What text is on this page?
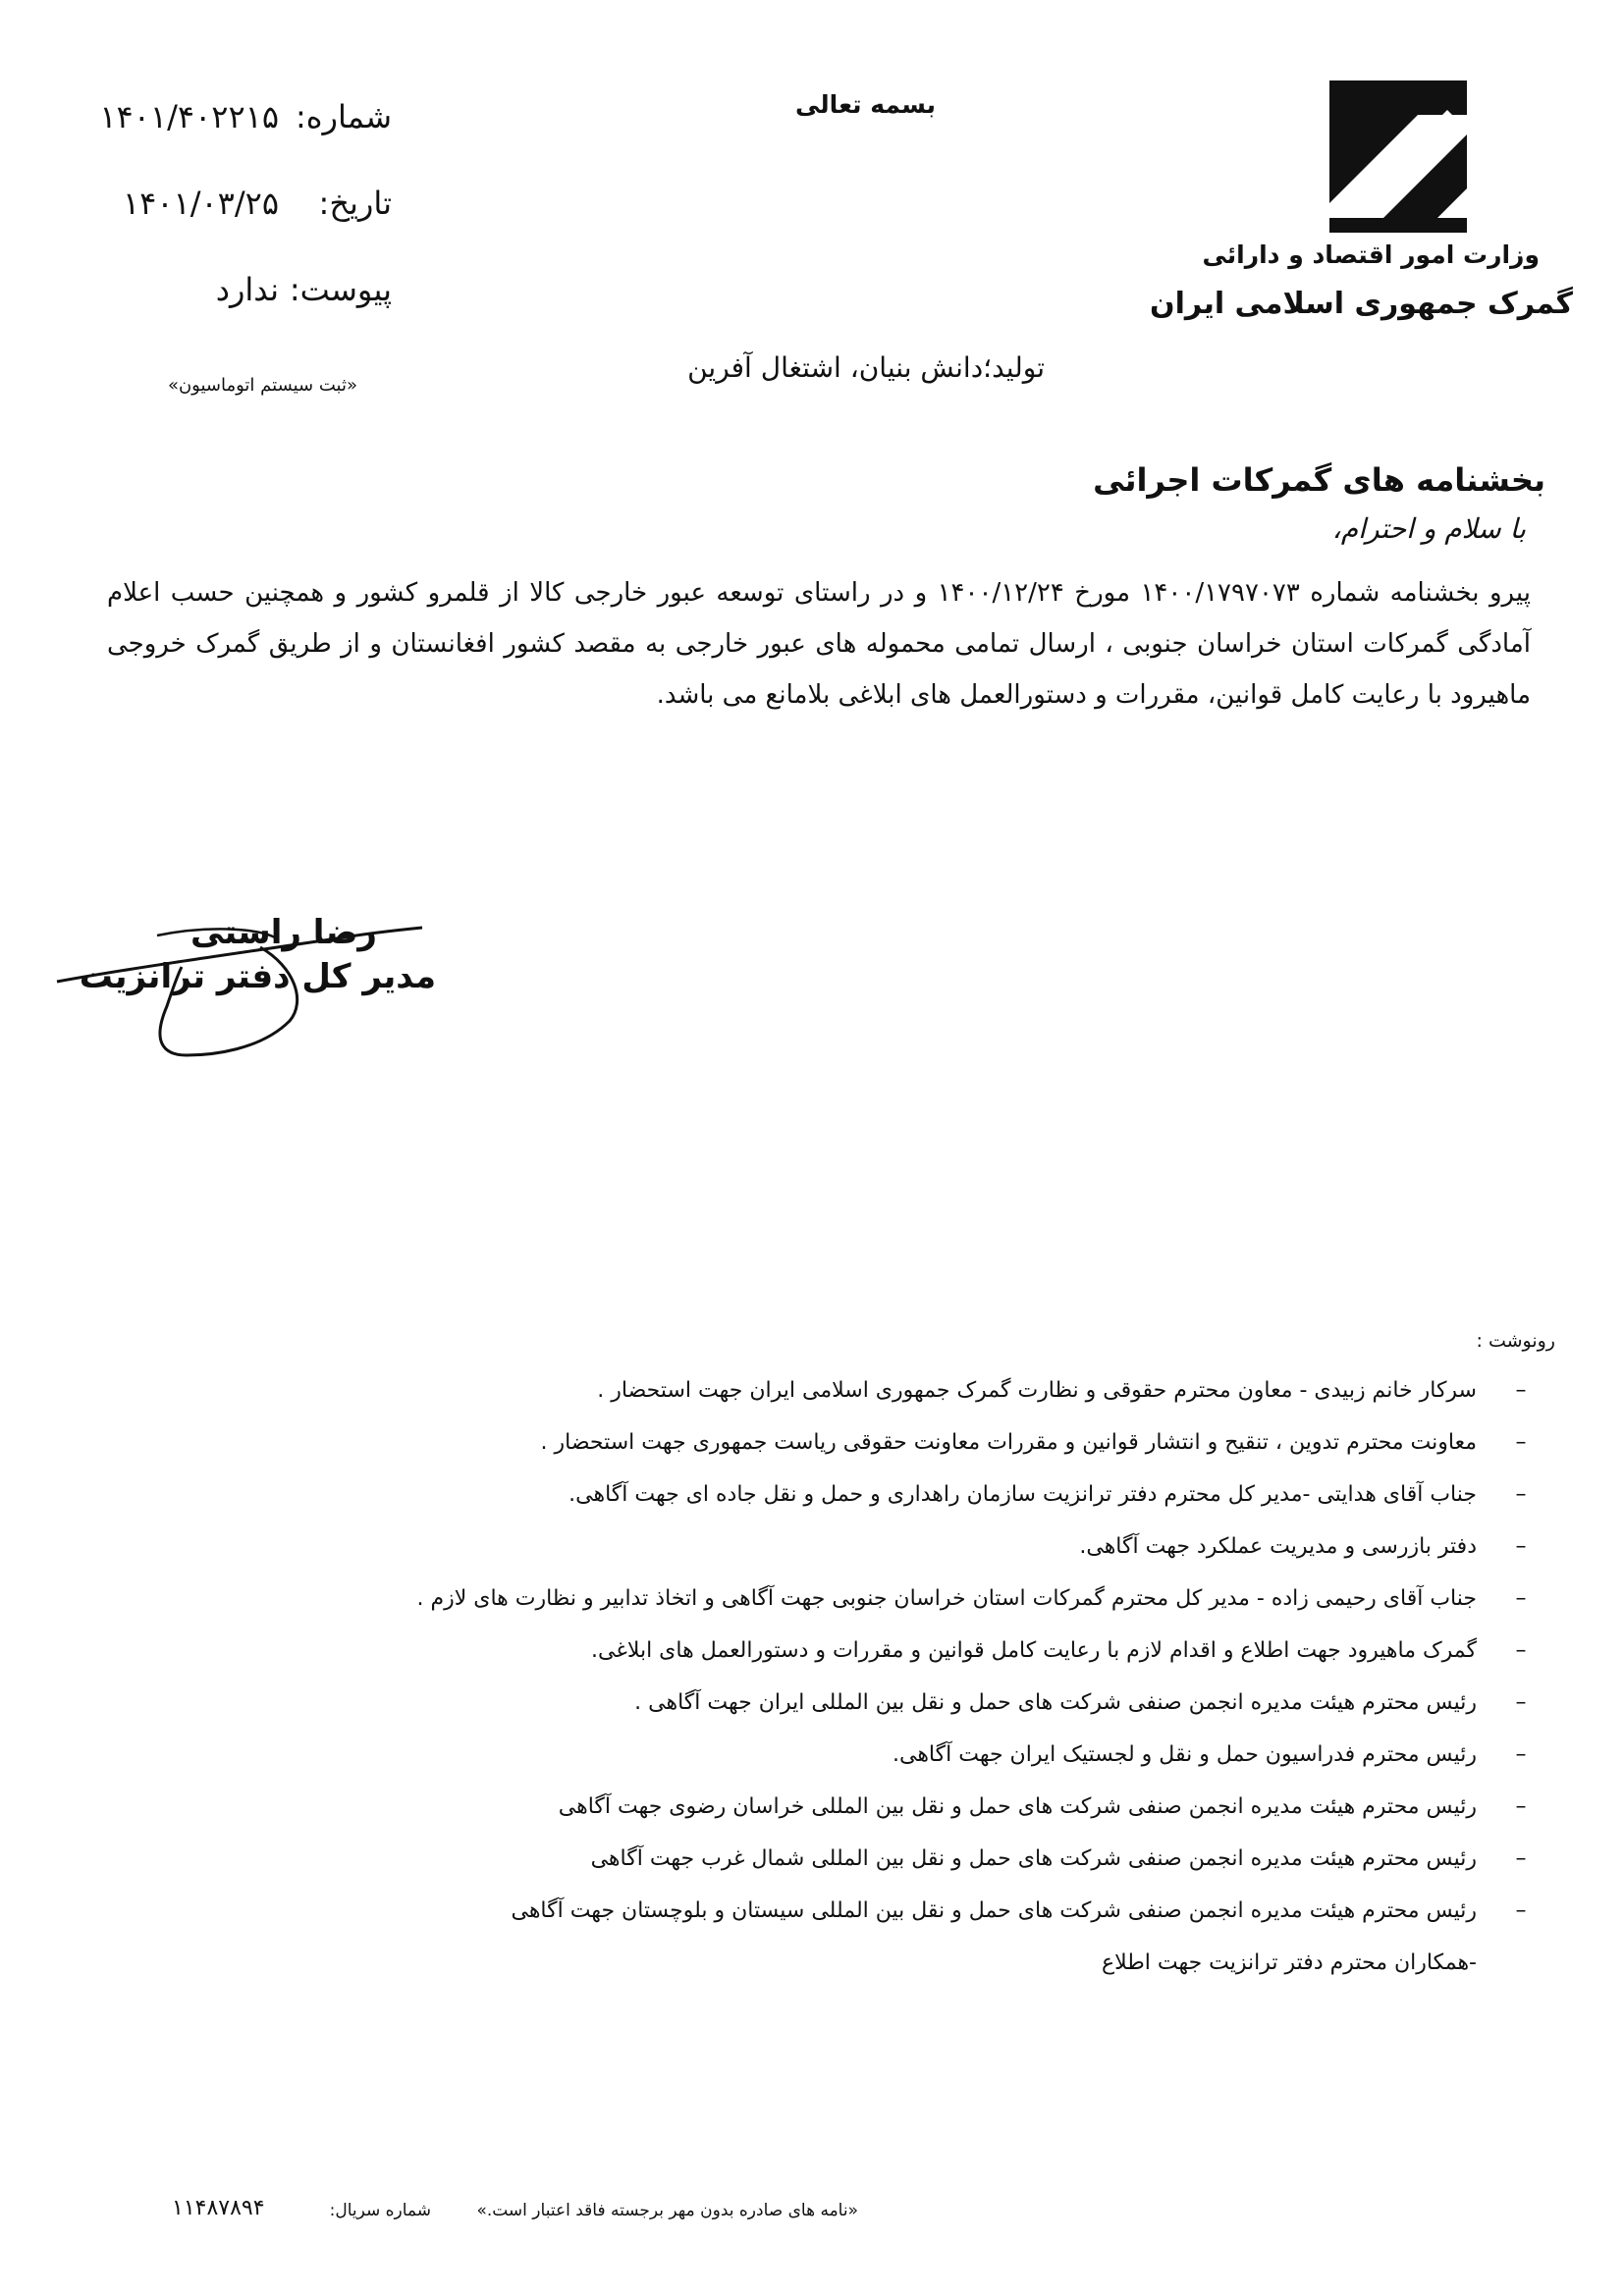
وزارت امور اقتصاد و دارائی
گمرک جمهوری اسلامی ایران
بسمه تعالی
شماره:
۱۴۰۱/۴۰۲۲۱۵
تاریخ:
۱۴۰۱/۰۳/۲۵
پیوست:
ندارد
«ثبت سیستم اتوماسیون»
تولید؛دانش بنیان، اشتغال آفرین
بخشنامه های گمرکات اجرائی
با سلام و احترام،
پیرو بخشنامه شماره ۱۴۰۰/۱۷۹۷۰۷۳ مورخ ۱۴۰۰/۱۲/۲۴ و در راستای توسعه عبور خارجی کالا از قلمرو کشور و همچنین حسب اعلام آمادگی گمرکات استان خراسان جنوبی ، ارسال تمامی محموله های عبور خارجی به مقصد کشور افغانستان و از طریق گمرک خروجی ماهیرود با رعایت کامل قوانین، مقررات و دستورالعمل های ابلاغی بلامانع می باشد.
رضا راستی
مدیر کل دفتر ترانزیت
رونوشت :
–
سرکار خانم زبیدی - معاون محترم حقوقی و نظارت گمرک جمهوری اسلامی ایران جهت استحضار .
–
معاونت محترم تدوین ، تنقیح و انتشار قوانین و مقررات معاونت حقوقی ریاست جمهوری جهت استحضار .
–
جناب آقای هدایتی -مدیر کل محترم دفتر ترانزیت سازمان راهداری و حمل و نقل جاده ای جهت آگاهی.
–
دفتر بازرسی و مدیریت عملکرد جهت آگاهی.
–
جناب آقای رحیمی زاده - مدیر کل محترم گمرکات استان خراسان جنوبی جهت آگاهی و اتخاذ تدابیر و نظارت های لازم .
–
گمرک ماهیرود جهت اطلاع و اقدام لازم با رعایت کامل قوانین و مقررات و دستورالعمل های ابلاغی.
–
رئیس محترم هیئت مدیره انجمن صنفی شرکت های حمل و نقل بین المللی ایران جهت آگاهی .
–
رئیس محترم فدراسیون حمل و نقل و لجستیک ایران جهت آگاهی.
–
رئیس محترم هیئت مدیره انجمن صنفی شرکت های حمل و نقل بین المللی خراسان رضوی جهت آگاهی
–
رئیس محترم هیئت مدیره انجمن صنفی شرکت های حمل و نقل بین المللی شمال غرب جهت آگاهی
–
رئیس محترم هیئت مدیره انجمن صنفی شرکت های حمل و نقل بین المللی سیستان و بلوچستان جهت آگاهی
-همکاران محترم دفتر ترانزیت جهت اطلاع
«نامه های صادره بدون مهر برجسته فاقد اعتبار است.»
شماره سریال:
۱۱۴۸۷۸۹۴
